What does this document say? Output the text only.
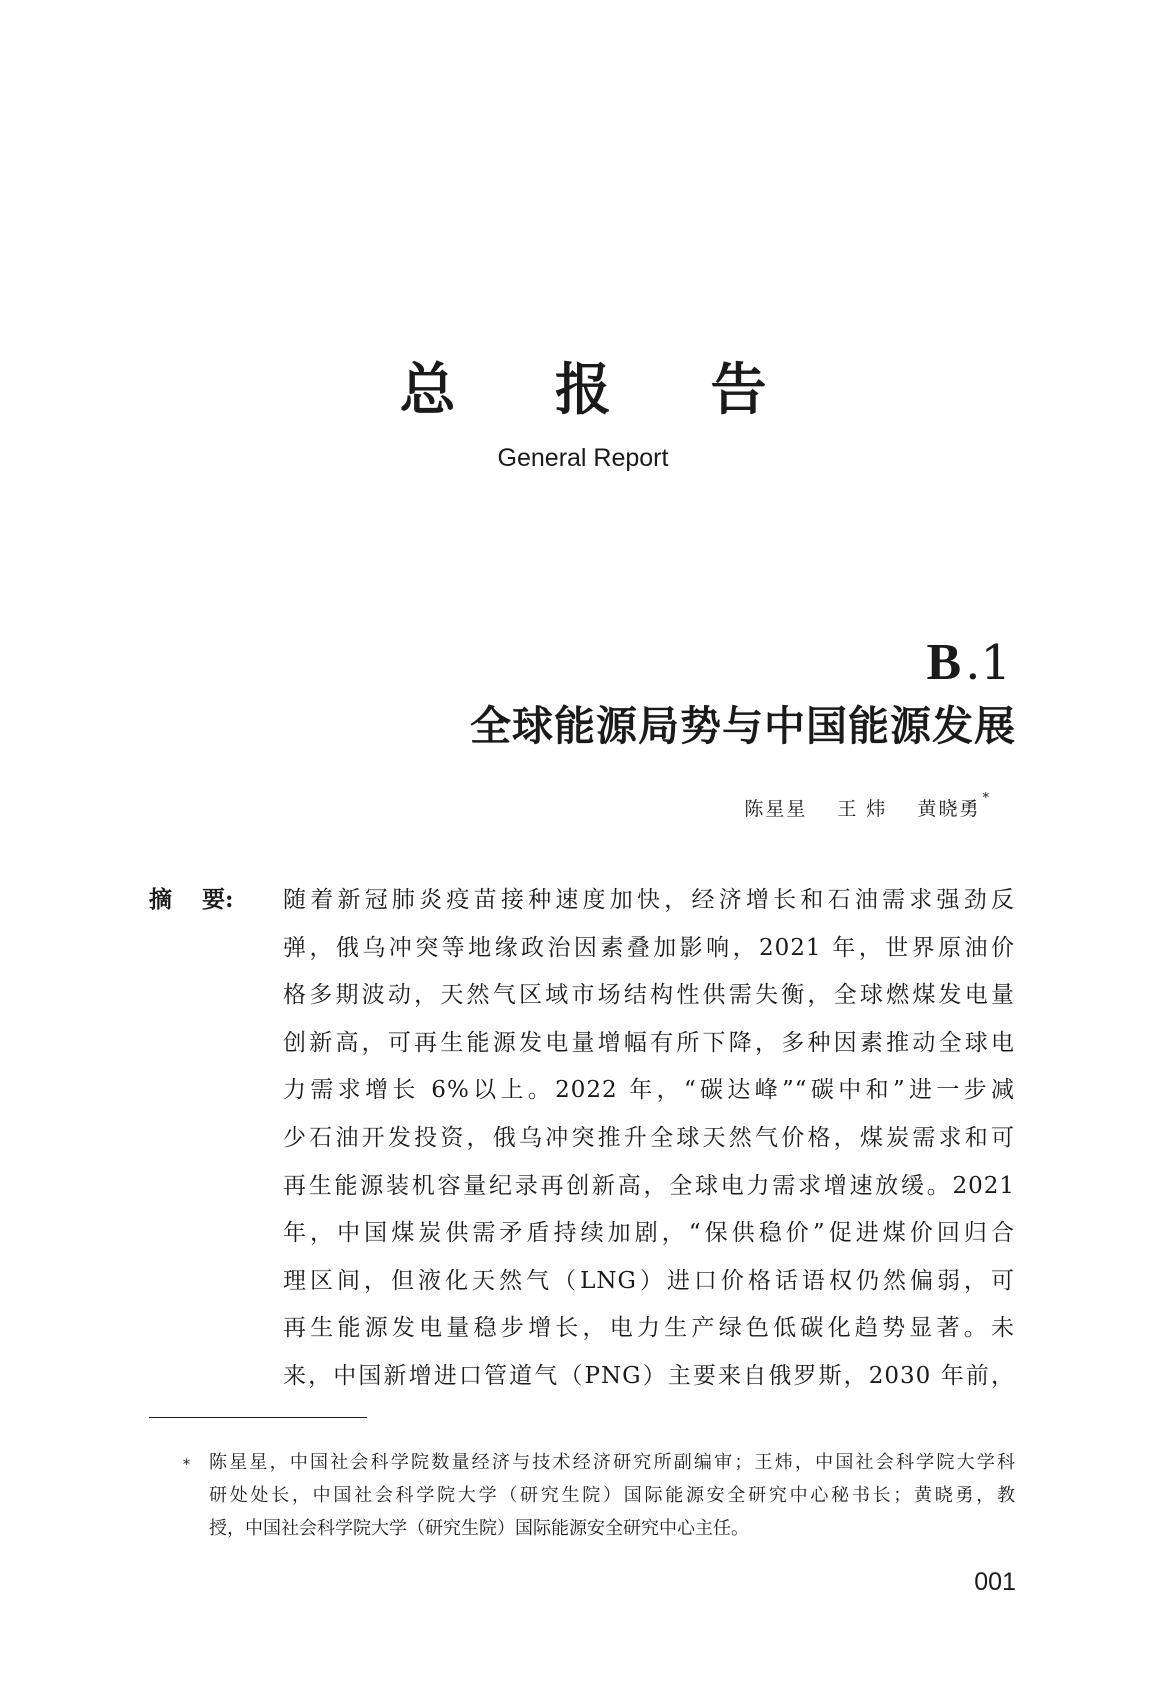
总 报 告
General Report
B.1
全球能源局势与中国能源发展
陈星星 王 炜 黄晓勇 *
摘 要: 随着新冠肺炎疫苗接种速度加快，经济增长和石油需求强劲反
弹，俄乌冲突等地缘政治因素叠加影响，2021 年，世界原油价
格多期波动，天然气区域市场结构性供需失衡，全球燃煤发电量
创新高，可再生能源发电量增幅有所下降，多种因素推动全球电
力需求增长 6%以上。2022 年，“碳达峰”“碳中和”进一步减
少石油开发投资，俄乌冲突推升全球天然气价格，煤炭需求和可
再生能源装机容量纪录再创新高，全球电力需求增速放缓。2021
年，中国煤炭供需矛盾持续加剧，“保供稳价”促进煤价回归合
理区间，但液化天然气（LNG）进口价格话语权仍然偏弱，可
再生能源发电量稳步增长，电力生产绿色低碳化趋势显著。未
来，中国新增进口管道气（PNG）主要来自俄罗斯，2030 年前，
* 陈星星，中国社会科学院数量经济与技术经济研究所副编审；王炜，中国社会科学院大学科
研处处长，中国社会科学院大学（研究生院）国际能源安全研究中心秘书长；黄晓勇，教
授，中国社会科学院大学（研究生院）国际能源安全研究中心主任。
001
